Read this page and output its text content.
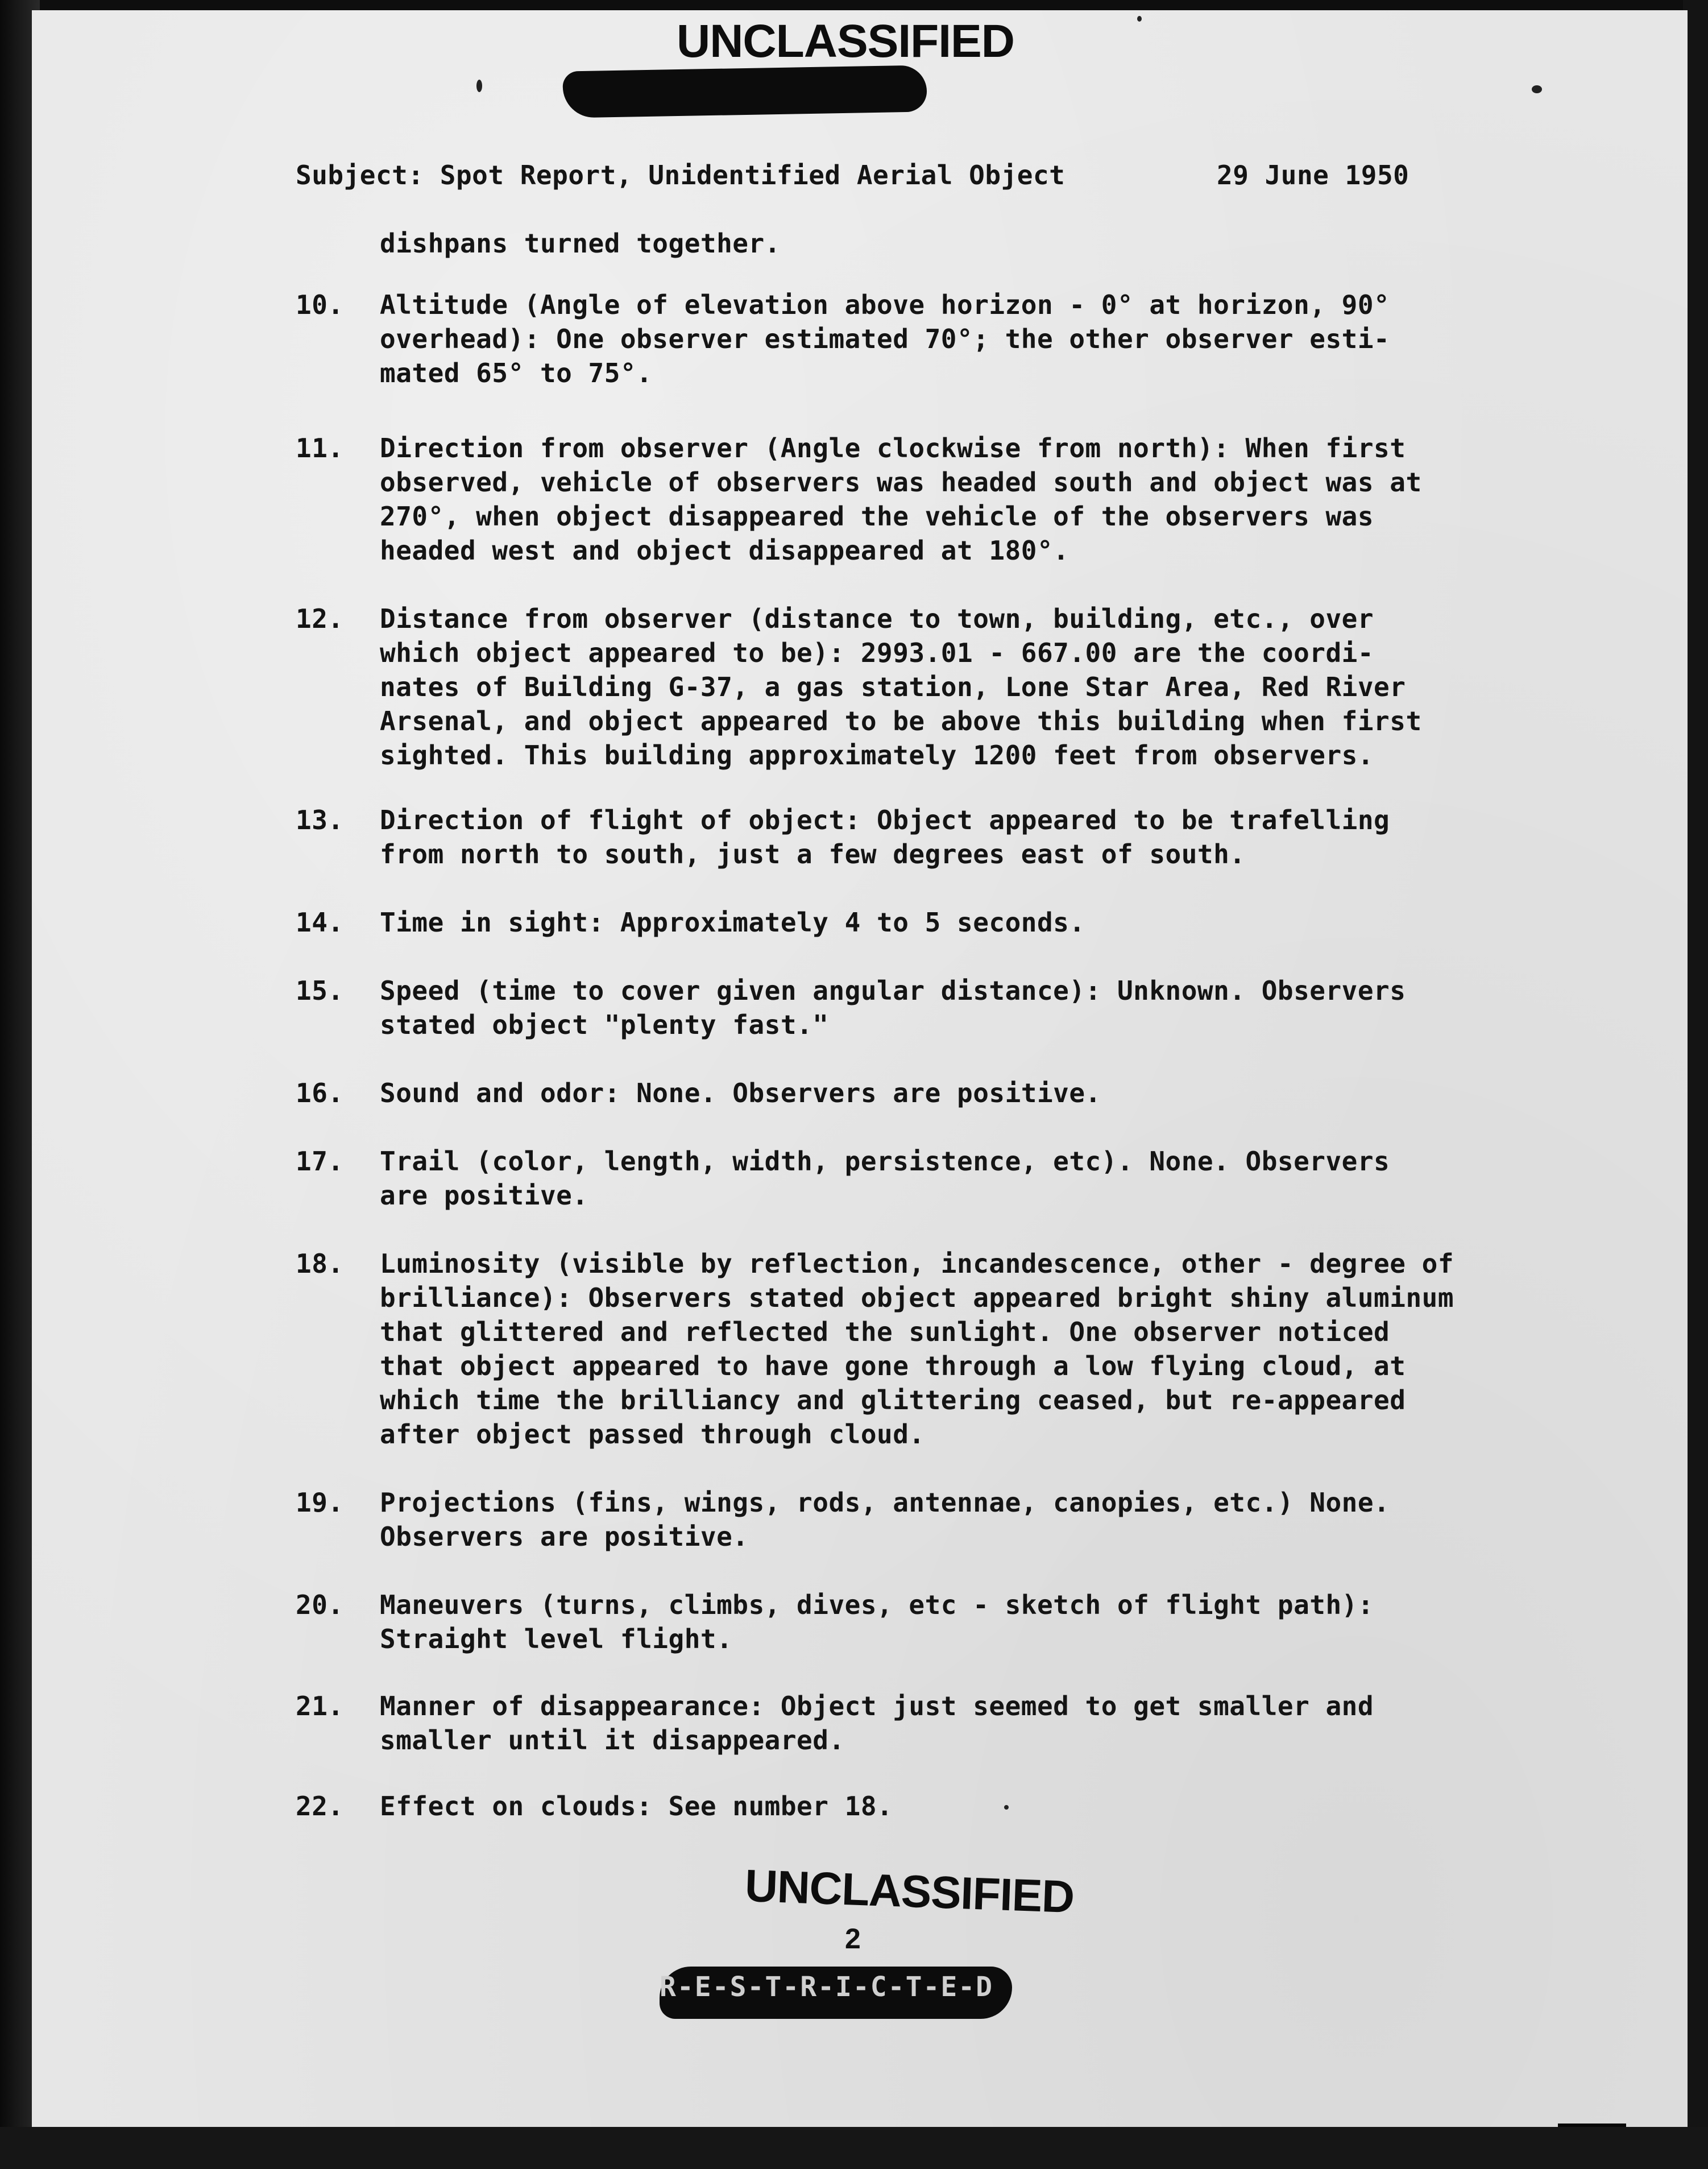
UNCLASSIFIED
Subject: Spot Report, Unidentified Aerial Object	29 June 1950
dishpans turned together.
10. Altitude (Angle of elevation above horizon - 0° at horizon, 90°
overhead): One observer estimated 70°; the other observer esti-
mated 65° to 75°.
11. Direction from observer (Angle clockwise from north): When first
observed, vehicle of observers was headed south and object was at
270°, when object disappeared the vehicle of the observers was
headed west and object disappeared at 180°.
12. Distance from observer (distance to town, building, etc., over
which object appeared to be): 2993.01 - 667.00 are the coordi-
nates of Building G-37, a gas station, Lone Star Area, Red River
Arsenal, and object appeared to be above this building when first
sighted. This building approximately 1200 feet from observers.
13. Direction of flight of object: Object appeared to be trafelling
from north to south, just a few degrees east of south.
14. Time in sight: Approximately 4 to 5 seconds.
15. Speed (time to cover given angular distance): Unknown. Observers
stated object "plenty fast."
16. Sound and odor: None. Observers are positive.
17. Trail (color, length, width, persistence, etc). None. Observers
are positive.
18. Luminosity (visible by reflection, incandescence, other - degree of
brilliance): Observers stated object appeared bright shiny aluminum
that glittered and reflected the sunlight. One observer noticed
that object appeared to have gone through a low flying cloud, at
which time the brilliancy and glittering ceased, but re-appeared
after object passed through cloud.
19. Projections (fins, wings, rods, antennae, canopies, etc.) None.
Observers are positive.
20. Maneuvers (turns, climbs, dives, etc - sketch of flight path):
Straight level flight.
21. Manner of disappearance: Object just seemed to get smaller and
smaller until it disappeared.
22. Effect on clouds: See number 18.
UNCLASSIFIED
2
R-E-S-T-R-I-C-T-E-D
